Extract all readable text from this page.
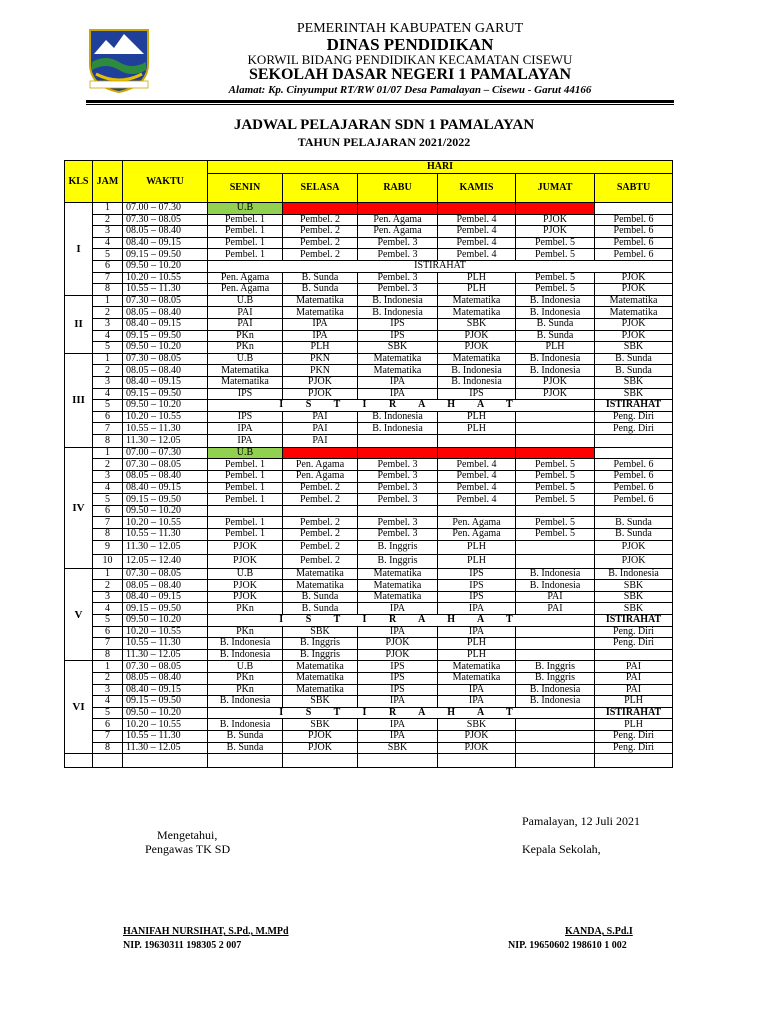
PEMERINTAH KABUPATEN GARUT
DINAS PENDIDIKAN
KORWIL BIDANG PENDIDIKAN KECAMATAN CISEWU
SEKOLAH DASAR NEGERI 1 PAMALAYAN
Alamat: Kp. Cinyumput RT/RW 01/07 Desa Pamalayan – Cisewu - Garut 44166
JADWAL PELAJARAN SDN 1 PAMALAYAN
TAHUN PELAJARAN 2021/2022
KLS	JAM	WAKTU	HARI					
			SENIN	SELASA	RABU	KAMIS	JUMAT	SABTU
I	1	07.00 – 07.30	U.B					
	2	07.30 – 08.05	Pembel. 1	Pembel. 2	Pen. Agama	Pembel. 4	PJOK	Pembel. 6
	3	08.05 – 08.40	Pembel. 1	Pembel. 2	Pen. Agama	Pembel. 4	PJOK	Pembel. 6
	4	08.40 – 09.15	Pembel. 1	Pembel. 2	Pembel. 3	Pembel. 4	Pembel. 5	Pembel. 6
	5	09.15 – 09.50	Pembel. 1	Pembel. 2	Pembel. 3	Pembel. 4	Pembel. 5	Pembel. 6
	6	09.50 – 10.20	ISTIRAHAT					
	7	10.20 – 10.55	Pen. Agama	B. Sunda	Pembel. 3	PLH	Pembel. 5	PJOK
	8	10.55 – 11.30	Pen. Agama	B. Sunda	Pembel. 3	PLH	Pembel. 5	PJOK
II	1	07.30 – 08.05	U.B	Matematika	B. Indonesia	Matematika	B. Indonesia	Matematika
	2	08.05 – 08.40	PAI	Matematika	B. Indonesia	Matematika	B. Indonesia	Matematika
	3	08.40 – 09.15	PAI	IPA	IPS	SBK	B. Sunda	PJOK
	4	09.15 – 09.50	PKn	IPA	IPS	PJOK	B. Sunda	PJOK
	5	09.50 – 10.20	PKn	PLH	SBK	PJOK	PLH	SBK
III	1	07.30 – 08.05	U.B	PKN	Matematika	Matematika	B. Indonesia	B. Sunda
	2	08.05 – 08.40	Matematika	PKN	Matematika	B. Indonesia	B. Indonesia	B. Sunda
	3	08.40 – 09.15	Matematika	PJOK	IPA	B. Indonesia	PJOK	SBK
	4	09.15 – 09.50	IPS	PJOK	IPA	IPS	PJOK	SBK
	5	09.50 – 10.20	I S T I R A H A T					ISTIRAHAT
	6	10.20 – 10.55	IPS	PAI	B. Indonesia	PLH		Peng. Diri
	7	10.55 – 11.30	IPA	PAI	B. Indonesia	PLH		Peng. Diri
	8	11.30 – 12.05	IPA	PAI				
IV	1	07.00 – 07.30	U.B					
	2	07.30 – 08.05	Pembel. 1	Pen. Agama	Pembel. 3	Pembel. 4	Pembel. 5	Pembel. 6
	3	08.05 – 08.40	Pembel. 1	Pen. Agama	Pembel. 3	Pembel. 4	Pembel. 5	Pembel. 6
	4	08.40 – 09.15	Pembel. 1	Pembel. 2	Pembel. 3	Pembel. 4	Pembel. 5	Pembel. 6
	5	09.15 – 09.50	Pembel. 1	Pembel. 2	Pembel. 3	Pembel. 4	Pembel. 5	Pembel. 6
	6	09.50 – 10.20						
	7	10.20 – 10.55	Pembel. 1	Pembel. 2	Pembel. 3	Pen. Agama	Pembel. 5	B. Sunda
	8	10.55 – 11.30	Pembel. 1	Pembel. 2	Pembel. 3	Pen. Agama	Pembel. 5	B. Sunda
	9	11.30 – 12.05	PJOK	Pembel. 2	B. Inggris	PLH		PJOK
	10	12.05 – 12.40	PJOK	Pembel. 2	B. Inggris	PLH		PJOK
V	1	07.30 – 08.05	U.B	Matematika	Matematika	IPS	B. Indonesia	B. Indonesia
	2	08.05 – 08.40	PJOK	Matematika	Matematika	IPS	B. Indonesia	SBK
	3	08.40 – 09.15	PJOK	B. Sunda	Matematika	IPS	PAI	SBK
	4	09.15 – 09.50	PKn	B. Sunda	IPA	IPA	PAI	SBK
	5	09.50 – 10.20	I S T I R A H A T					ISTIRAHAT
	6	10.20 – 10.55	PKn	SBK	IPA	IPA		Peng. Diri
	7	10.55 – 11.30	B. Indonesia	B. Inggris	PJOK	PLH		Peng. Diri
	8	11.30 – 12.05	B. Indonesia	B. Inggris	PJOK	PLH		
VI	1	07.30 – 08.05	U.B	Matematika	IPS	Matematika	B. Inggris	PAI
	2	08.05 – 08.40	PKn	Matematika	IPS	Matematika	B. Inggris	PAI
	3	08.40 – 09.15	PKn	Matematika	IPS	IPA	B. Indonesia	PAI
	4	09.15 – 09.50	B. Indonesia	SBK	IPA	IPA	B. Indonesia	PLH
	5	09.50 – 10.20	I S T I R A H A T					ISTIRAHAT
	6	10.20 – 10.55	B. Indonesia	SBK	IPA	SBK		PLH
	7	10.55 – 11.30	B. Sunda	PJOK	IPA	PJOK		Peng. Diri
	8	11.30 – 12.05	B. Sunda	PJOK	SBK	PJOK		Peng. Diri

Pamalayan, 12 Juli 2021
Mengetahui,
Pengawas TK SD	Kepala Sekolah,
HANIFAH NURSIHAT, S.Pd., M.MPd
NIP. 19630311 198305 2 007
KANDA, S.Pd.I
NIP. 19650602 198610 1 002
